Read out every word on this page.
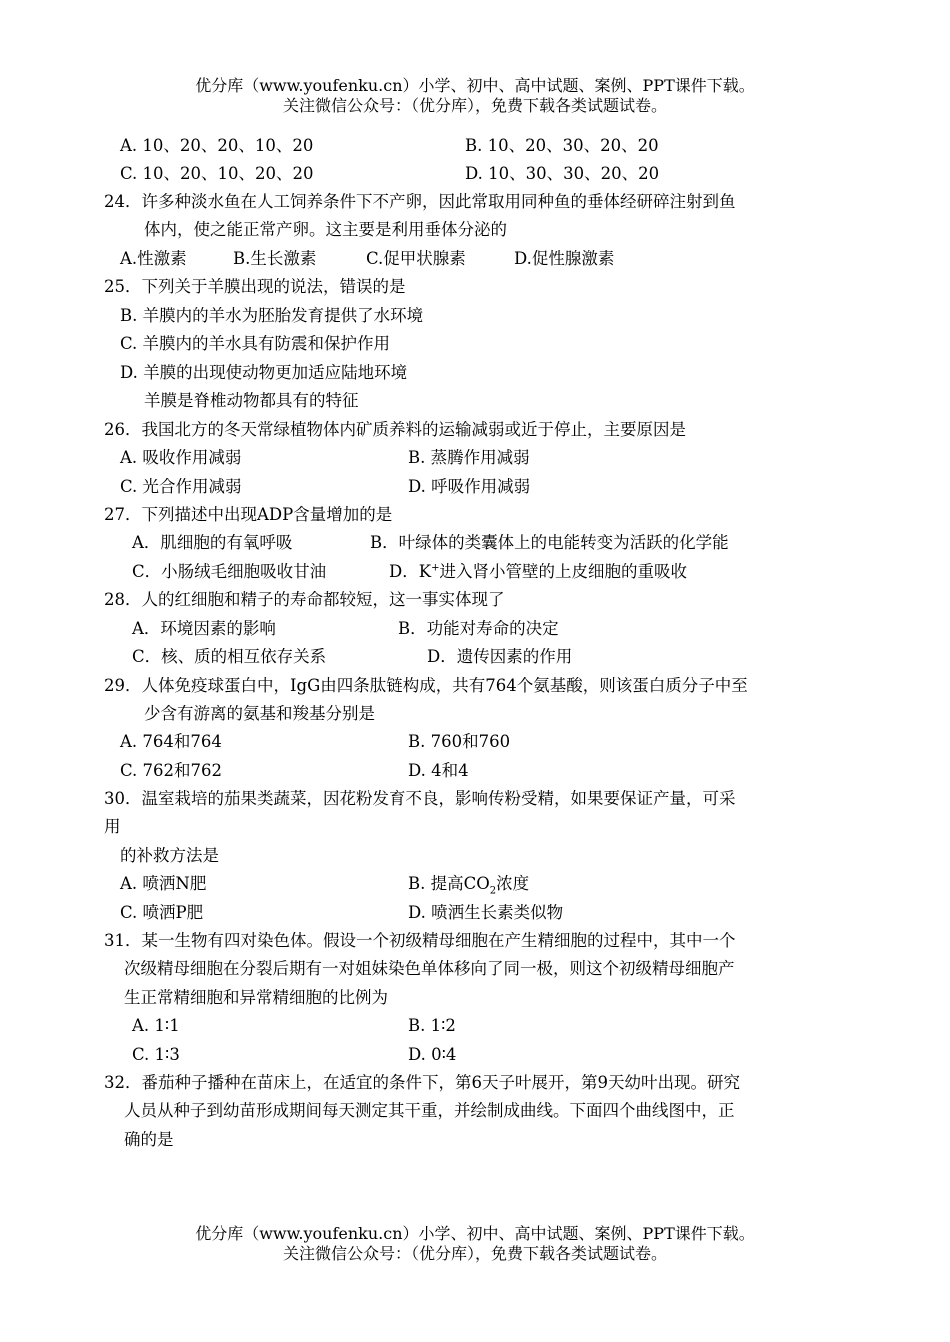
优分库（www.youfenku.cn）小学、初中、高中试题、案例、PPT课件下载。
关注微信公众号：（优分库），免费下载各类试题试卷。
A. 10、20、20、10、20	B. 10、20、30、20、20
C. 10、20、10、20、20	D. 10、30、30、20、20
24．许多种淡水鱼在人工饲养条件下不产卵，因此常取用同种鱼的垂体经研碎注射到鱼
体内，使之能正常产卵。这主要是利用垂体分泌的
A.性激素	B.生长激素	C.促甲状腺素	D.促性腺激素
25．下列关于羊膜出现的说法，错误的是
B. 羊膜内的羊水为胚胎发育提供了水环境
C. 羊膜内的羊水具有防震和保护作用
D. 羊膜的出现使动物更加适应陆地环境
羊膜是脊椎动物都具有的特征
26．我国北方的冬天常绿植物体内矿质养料的运输减弱或近于停止，主要原因是
A. 吸收作用减弱	B. 蒸腾作用减弱
C. 光合作用减弱	D. 呼吸作用减弱
27．下列描述中出现ADP含量增加的是
A．肌细胞的有氧呼吸	B．叶绿体的类囊体上的电能转变为活跃的化学能
C．小肠绒毛细胞吸收甘油	D．K+进入肾小管壁的上皮细胞的重吸收
28．人的红细胞和精子的寿命都较短，这一事实体现了
A．环境因素的影响	B．功能对寿命的决定
C．核、质的相互依存关系	D．遗传因素的作用
29．人体免疫球蛋白中，IgG由四条肽链构成，共有764个氨基酸，则该蛋白质分子中至
少含有游离的氨基和羧基分别是
A. 764和764	B. 760和760
C. 762和762	D. 4和4
30．温室栽培的茄果类蔬菜，因花粉发育不良，影响传粉受精，如果要保证产量，可采
用
的补救方法是
A. 喷洒N肥	B. 提高$CO_2$浓度
C. 喷洒P肥	D. 喷洒生长素类似物
31．某一生物有四对染色体。假设一个初级精母细胞在产生精细胞的过程中，其中一个
次级精母细胞在分裂后期有一对姐妹染色单体移向了同一极，则这个初级精母细胞产
生正常精细胞和异常精细胞的比例为
A. 1∶1	B. 1∶2
C. 1∶3	D. 0∶4
32．番茄种子播种在苗床上，在适宜的条件下，第6天子叶展开，第9天幼叶出现。研究
人员从种子到幼苗形成期间每天测定其干重，并绘制成曲线。下面四个曲线图中，正
确的是
优分库（www.youfenku.cn）小学、初中、高中试题、案例、PPT课件下载。
关注微信公众号：（优分库），免费下载各类试题试卷。
